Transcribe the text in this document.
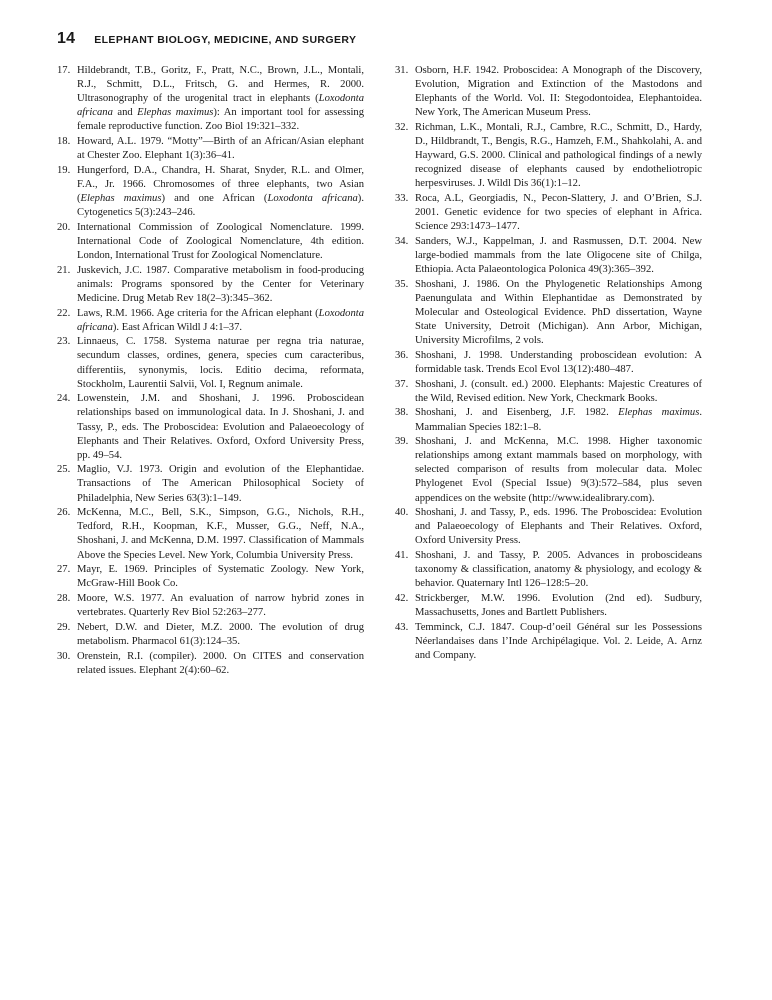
14 ELEPHANT BIOLOGY, MEDICINE, AND SURGERY
17. Hildebrandt, T.B., Goritz, F., Pratt, N.C., Brown, J.L., Montali, R.J., Schmitt, D.L., Fritsch, G. and Hermes, R. 2000. Ultrasonography of the urogenital tract in elephants (Loxodonta africana and Elephas maximus): An important tool for assessing female reproductive function. Zoo Biol 19:321–332.
18. Howard, A.L. 1979. “Motty”—Birth of an African/Asian elephant at Chester Zoo. Elephant 1(3):36–41.
19. Hungerford, D.A., Chandra, H. Sharat, Snyder, R.L. and Olmer, F.A., Jr. 1966. Chromosomes of three elephants, two Asian (Elephas maximus) and one African (Loxodonta africana). Cytogenetics 5(3):243–246.
20. International Commission of Zoological Nomenclature. 1999. International Code of Zoological Nomenclature, 4th edition. London, International Trust for Zoological Nomenclature.
21. Juskevich, J.C. 1987. Comparative metabolism in food-producing animals: Programs sponsored by the Center for Veterinary Medicine. Drug Metab Rev 18(2–3):345–362.
22. Laws, R.M. 1966. Age criteria for the African elephant (Loxodonta africana). East African Wildl J 4:1–37.
23. Linnaeus, C. 1758. Systema naturae per regna tria naturae, secundum classes, ordines, genera, species cum caracteribus, differentiis, synonymis, locis. Editio decima, reformata, Stockholm, Laurentii Salvii, Vol. I, Regnum animale.
24. Lowenstein, J.M. and Shoshani, J. 1996. Proboscidean relationships based on immunological data. In J. Shoshani, J. and Tassy, P., eds. The Proboscidea: Evolution and Palaeoecology of Elephants and Their Relatives. Oxford, Oxford University Press, pp. 49–54.
25. Maglio, V.J. 1973. Origin and evolution of the Elephantidae. Transactions of The American Philosophical Society of Philadelphia, New Series 63(3):1–149.
26. McKenna, M.C., Bell, S.K., Simpson, G.G., Nichols, R.H., Tedford, R.H., Koopman, K.F., Musser, G.G., Neff, N.A., Shoshani, J. and McKenna, D.M. 1997. Classification of Mammals Above the Species Level. New York, Columbia University Press.
27. Mayr, E. 1969. Principles of Systematic Zoology. New York, McGraw-Hill Book Co.
28. Moore, W.S. 1977. An evaluation of narrow hybrid zones in vertebrates. Quarterly Rev Biol 52:263–277.
29. Nebert, D.W. and Dieter, M.Z. 2000. The evolution of drug metabolism. Pharmacol 61(3):124–35.
30. Orenstein, R.I. (compiler). 2000. On CITES and conservation related issues. Elephant 2(4):60–62.
31. Osborn, H.F. 1942. Proboscidea: A Monograph of the Discovery, Evolution, Migration and Extinction of the Mastodons and Elephants of the World. Vol. II: Stegodontoidea, Elephantoidea. New York, The American Museum Press.
32. Richman, L.K., Montali, R.J., Cambre, R.C., Schmitt, D., Hardy, D., Hildbrandt, T., Bengis, R.G., Hamzeh, F.M., Shahkolahi, A. and Hayward, G.S. 2000. Clinical and pathological findings of a newly recognized disease of elephants caused by endotheliotropic herpesviruses. J. Wildl Dis 36(1):1–12.
33. Roca, A.L, Georgiadis, N., Pecon-Slattery, J. and O’Brien, S.J. 2001. Genetic evidence for two species of elephant in Africa. Science 293:1473–1477.
34. Sanders, W.J., Kappelman, J. and Rasmussen, D.T. 2004. New large-bodied mammals from the late Oligocene site of Chilga, Ethiopia. Acta Palaeontologica Polonica 49(3):365–392.
35. Shoshani, J. 1986. On the Phylogenetic Relationships Among Paenungulata and Within Elephantidae as Demonstrated by Molecular and Osteological Evidence. PhD dissertation, Wayne State University, Detroit (Michigan). Ann Arbor, Michigan, University Microfilms, 2 vols.
36. Shoshani, J. 1998. Understanding proboscidean evolution: A formidable task. Trends Ecol Evol 13(12):480–487.
37. Shoshani, J. (consult. ed.) 2000. Elephants: Majestic Creatures of the Wild, Revised edition. New York, Checkmark Books.
38. Shoshani, J. and Eisenberg, J.F. 1982. Elephas maximus. Mammalian Species 182:1–8.
39. Shoshani, J. and McKenna, M.C. 1998. Higher taxonomic relationships among extant mammals based on morphology, with selected comparison of results from molecular data. Molec Phylogenet Evol (Special Issue) 9(3):572–584, plus seven appendices on the website (http://www.idealibrary.com).
40. Shoshani, J. and Tassy, P., eds. 1996. The Proboscidea: Evolution and Palaeoecology of Elephants and Their Relatives. Oxford, Oxford University Press.
41. Shoshani, J. and Tassy, P. 2005. Advances in proboscideans taxonomy & classification, anatomy & physiology, and ecology & behavior. Quaternary Intl 126–128:5–20.
42. Strickberger, M.W. 1996. Evolution (2nd ed). Sudbury, Massachusetts, Jones and Bartlett Publishers.
43. Temminck, C.J. 1847. Coup-d’oeil Général sur les Possessions Néerlandaises dans l’Inde Archipélagique. Vol. 2. Leide, A. Arnz and Company.
